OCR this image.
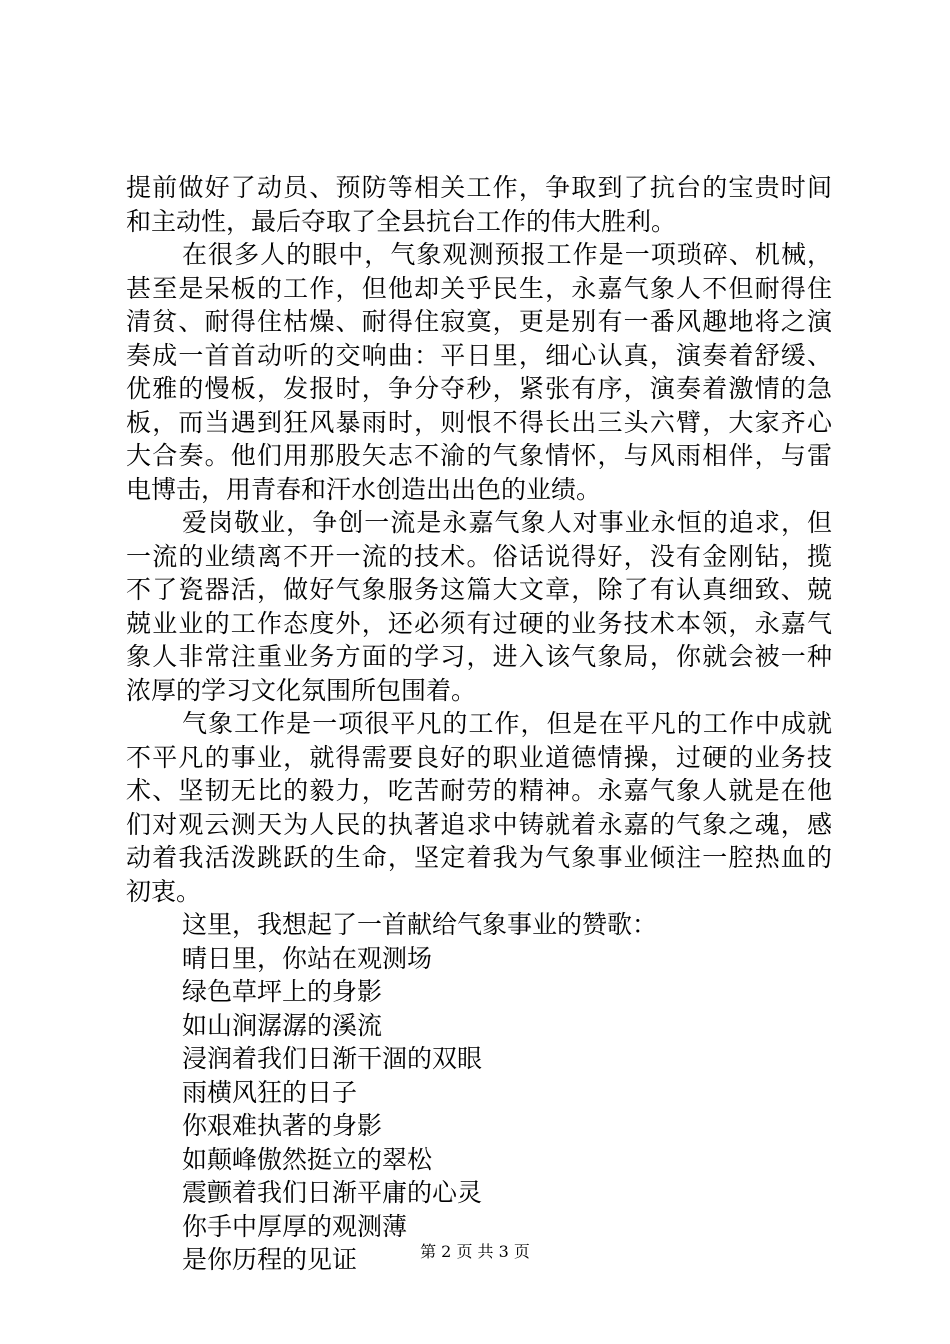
提前做好了动员、预防等相关工作，争取到了抗台的宝贵时间
和主动性，最后夺取了全县抗台工作的伟大胜利。
在很多人的眼中，气象观测预报工作是一项琐碎、机械，
甚至是呆板的工作，但他却关乎民生，永嘉气象人不但耐得住
清贫、耐得住枯燥、耐得住寂寞，更是别有一番风趣地将之演
奏成一首首动听的交响曲：平日里，细心认真，演奏着舒缓、
优雅的慢板，发报时，争分夺秒，紧张有序，演奏着激情的急
板，而当遇到狂风暴雨时，则恨不得长出三头六臂，大家齐心
大合奏。他们用那股矢志不渝的气象情怀，与风雨相伴，与雷
电博击，用青春和汗水创造出出色的业绩。
爱岗敬业，争创一流是永嘉气象人对事业永恒的追求，但
一流的业绩离不开一流的技术。俗话说得好，没有金刚钻，揽
不了瓷器活，做好气象服务这篇大文章，除了有认真细致、兢
兢业业的工作态度外，还必须有过硬的业务技术本领，永嘉气
象人非常注重业务方面的学习，进入该气象局，你就会被一种
浓厚的学习文化氛围所包围着。
气象工作是一项很平凡的工作，但是在平凡的工作中成就
不平凡的事业，就得需要良好的职业道德情操，过硬的业务技
术、坚韧无比的毅力，吃苦耐劳的精神。永嘉气象人就是在他
们对观云测天为人民的执著追求中铸就着永嘉的气象之魂，感
动着我活泼跳跃的生命，坚定着我为气象事业倾注一腔热血的
初衷。
这里，我想起了一首献给气象事业的赞歌：
晴日里，你站在观测场
绿色草坪上的身影
如山涧潺潺的溪流
浸润着我们日渐干涸的双眼
雨横风狂的日子
你艰难执著的身影
如颠峰傲然挺立的翠松
震颤着我们日渐平庸的心灵
你手中厚厚的观测薄
是你历程的见证	第 2 页 共 3 页
